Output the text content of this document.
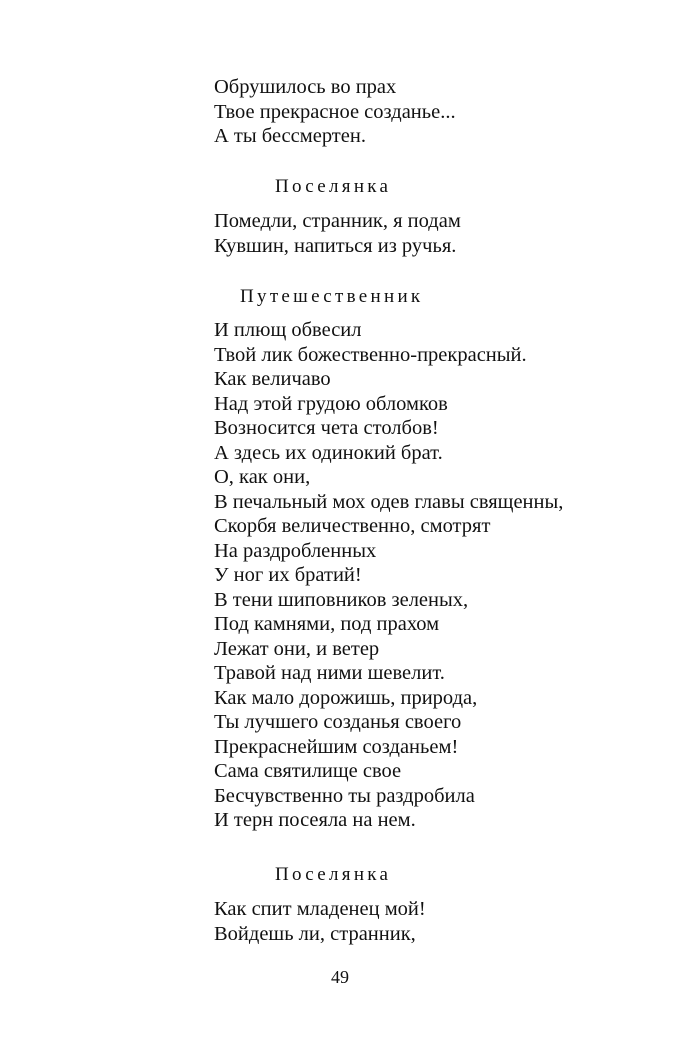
Обрушилось во прах
Твое прекрасное созданье...
А ты бессмертен.
Поселянка
Помедли, странник, я подам
Кувшин, напиться из ручья.
Путешественник
И плющ обвесил
Твой лик божественно-прекрасный.
Как величаво
Над этой грудою обломков
Возносится чета столбов!
А здесь их одинокий брат.
О, как они,
В печальный мох одев главы священны,
Скорбя величественно, смотрят
На раздробленных
У ног их братий!
В тени шиповников зеленых,
Под камнями, под прахом
Лежат они, и ветер
Травой над ними шевелит.
Как мало дорожишь, природа,
Ты лучшего созданья своего
Прекраснейшим созданьем!
Сама святилище свое
Бесчувственно ты раздробила
И терн посеяла на нем.
Поселянка
Как спит младенец мой!
Войдешь ли, странник,
49
